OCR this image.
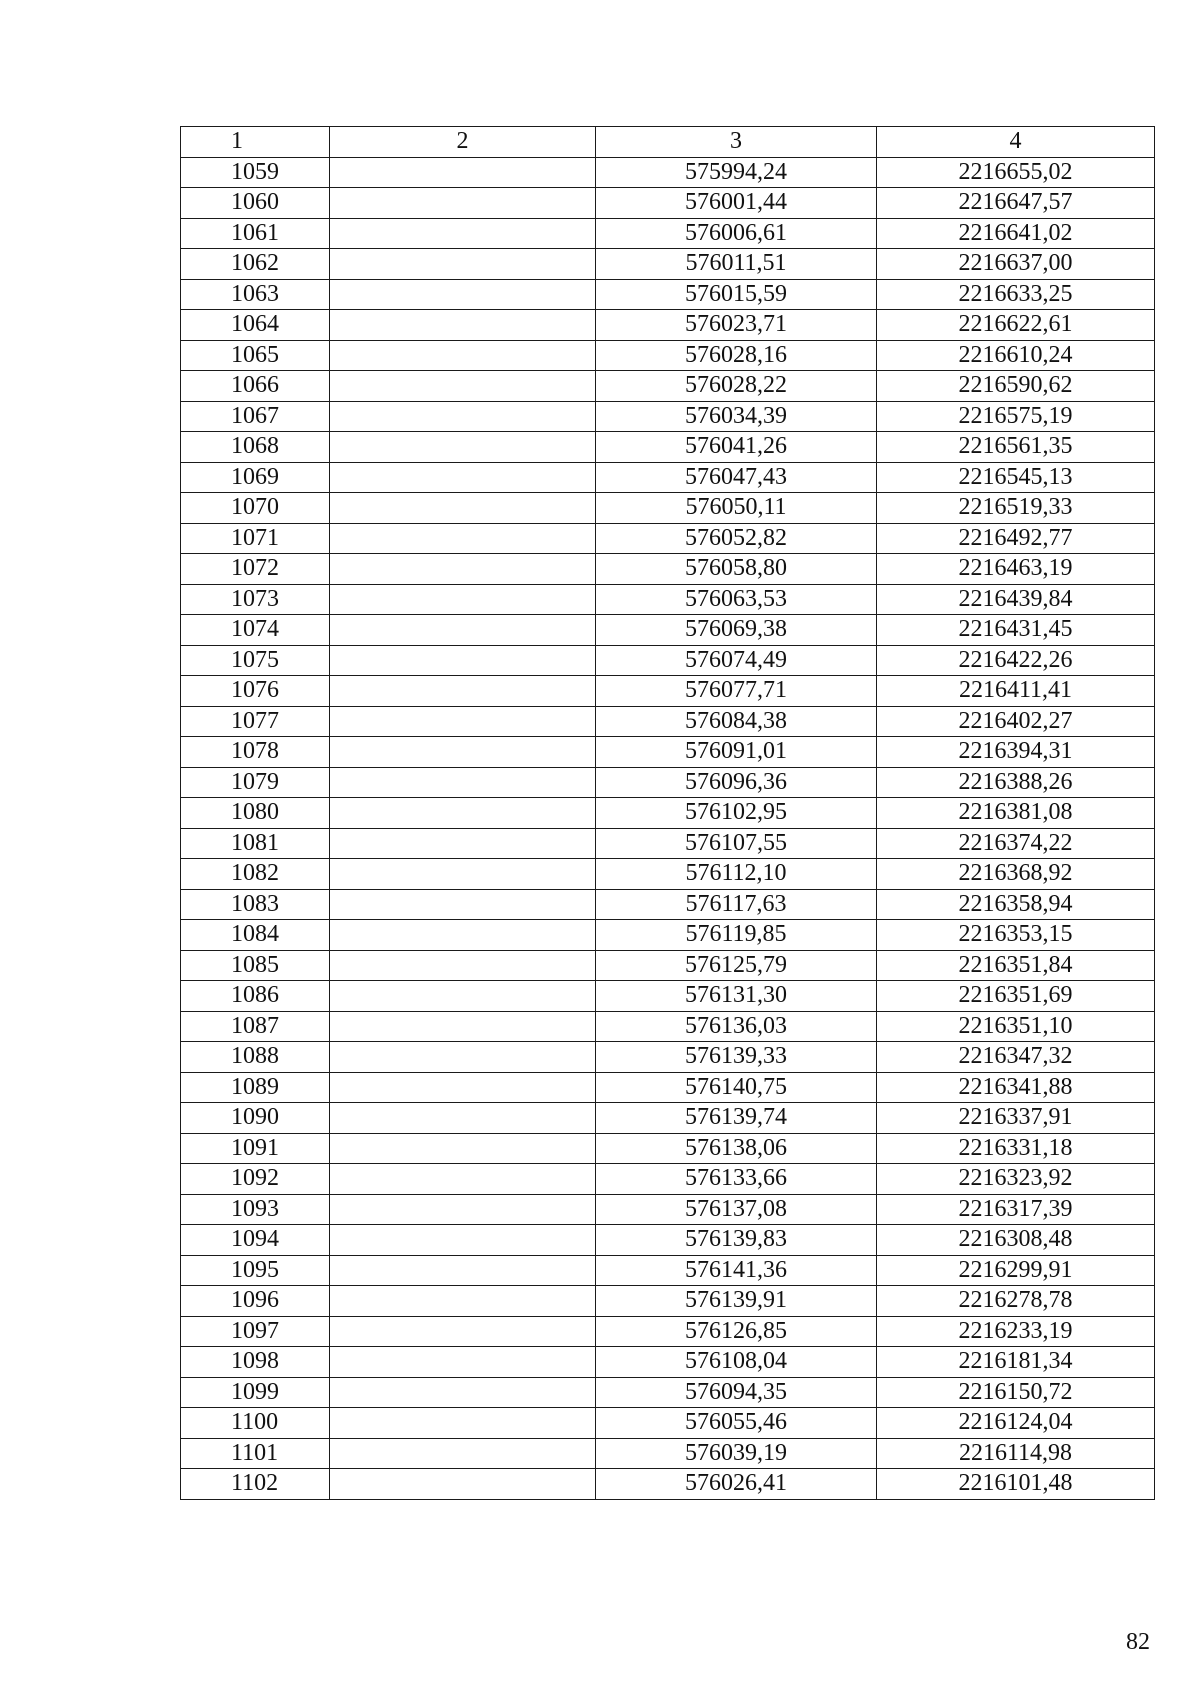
1	2	3	4
1059		575994,24	2216655,02
1060		576001,44	2216647,57
1061		576006,61	2216641,02
1062		576011,51	2216637,00
1063		576015,59	2216633,25
1064		576023,71	2216622,61
1065		576028,16	2216610,24
1066		576028,22	2216590,62
1067		576034,39	2216575,19
1068		576041,26	2216561,35
1069		576047,43	2216545,13
1070		576050,11	2216519,33
1071		576052,82	2216492,77
1072		576058,80	2216463,19
1073		576063,53	2216439,84
1074		576069,38	2216431,45
1075		576074,49	2216422,26
1076		576077,71	2216411,41
1077		576084,38	2216402,27
1078		576091,01	2216394,31
1079		576096,36	2216388,26
1080		576102,95	2216381,08
1081		576107,55	2216374,22
1082		576112,10	2216368,92
1083		576117,63	2216358,94
1084		576119,85	2216353,15
1085		576125,79	2216351,84
1086		576131,30	2216351,69
1087		576136,03	2216351,10
1088		576139,33	2216347,32
1089		576140,75	2216341,88
1090		576139,74	2216337,91
1091		576138,06	2216331,18
1092		576133,66	2216323,92
1093		576137,08	2216317,39
1094		576139,83	2216308,48
1095		576141,36	2216299,91
1096		576139,91	2216278,78
1097		576126,85	2216233,19
1098		576108,04	2216181,34
1099		576094,35	2216150,72
1100		576055,46	2216124,04
1101		576039,19	2216114,98
1102		576026,41	2216101,48
82
